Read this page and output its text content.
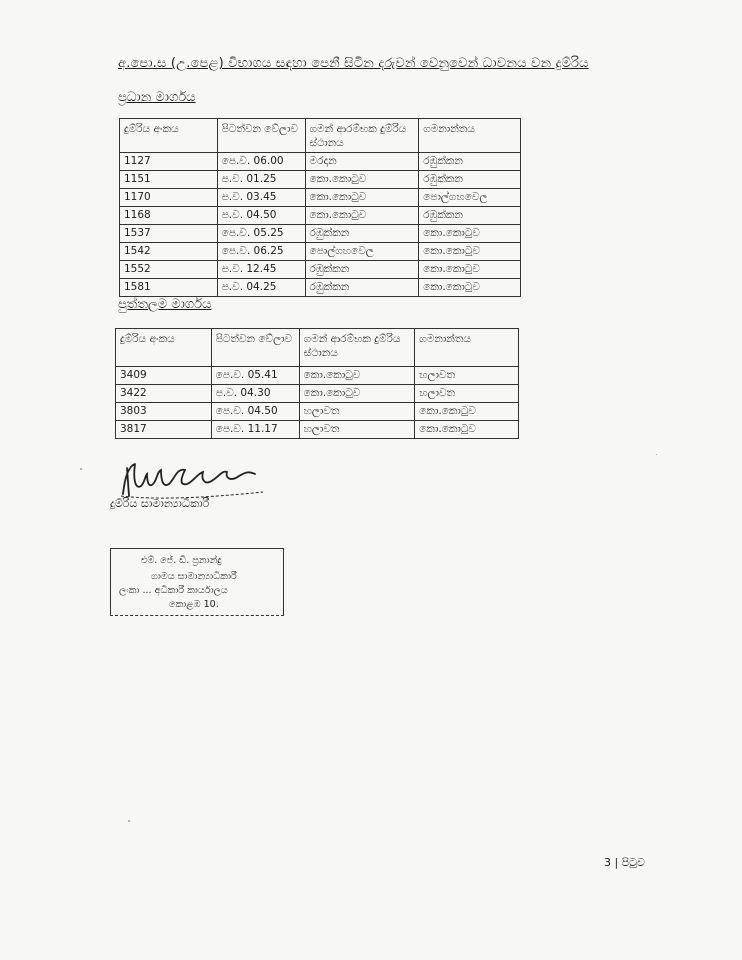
අ.පො.ස (උ.පෙළ) විභාගය සඳහා පෙනී සිටින දරුවන් වෙනුවෙන් ධාවනය වන දුම්රිය
ප්‍රධාන මාර්ගය
දුම්රිය අංකය	පිටත්වන වේලාව	ගමන් ආරම්භක දුම්රිය ස්ථානය	ගමනාන්තය
1127	පෙ.ව. 06.00	මරදාන	රඹුක්කන
1151	ප.ව. 01.25	කො.කොටුව	රඹුක්කන
1170	ප.ව. 03.45	කො.කොටුව	පොල්ගහවෙල
1168	ප.ව. 04.50	කො.කොටුව	රඹුක්කන
1537	පෙ.ව. 05.25	රඹුක්කන	කො.කොටුව
1542	පෙ.ව. 06.25	පොල්ගහවෙල	කො.කොටුව
1552	ප.ව. 12.45	රඹුක්කන	කො.කොටුව
1581	ප.ව. 04.25	රඹුක්කන	කො.කොටුව
පුත්තලම මාර්ගය
දුම්රිය අංකය	පිටත්වන වේලාව	ගමන් ආරම්භක දුම්රිය ස්ථානය	ගමනාන්තය
3409	පෙ.ව. 05.41	කො.කොටුව	හලාවත
3422	ප.ව. 04.30	කො.කොටුව	හලාවත
3803	පෙ.ව. 04.50	හලාවත	කො.කොටුව
3817	පෙ.ව. 11.17	හලාවත	කො.කොටුව
දුම්රිය සාමාන්‍යාධිකාරී
එම්. ජේ. ඩී. ප්‍රනාන්දු
ගාමය සාමාන්‍යාධිකාරී
ලංකා ... අධිකාරී කාර්යාලය
කොළඹ 10.
3 | පිටුව
